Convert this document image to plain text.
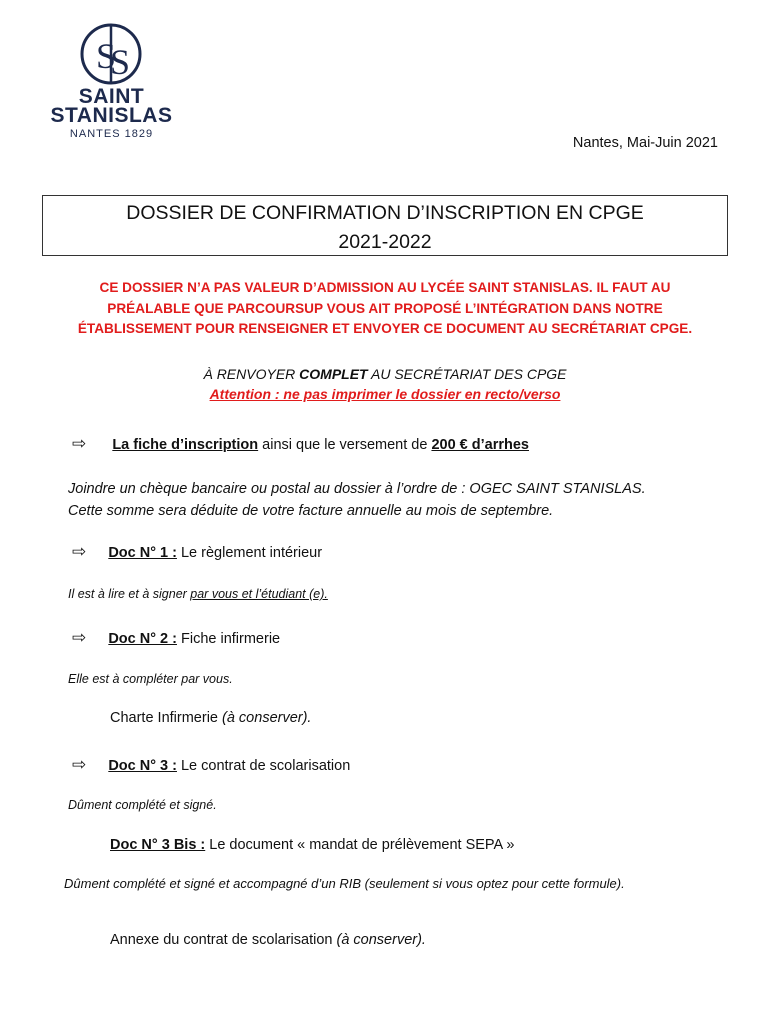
S
S
SAINT
STANISLAS
NANTES 1829
Nantes, Mai-Juin 2021
DOSSIER DE CONFIRMATION D’INSCRIPTION EN CPGE
2021-2022
CE DOSSIER N’A PAS VALEUR D’ADMISSION AU LYCÉE SAINT STANISLAS. IL FAUT AU
PRÉALABLE QUE PARCOURSUP VOUS AIT PROPOSÉ L’INTÉGRATION DANS NOTRE
ÉTABLISSEMENT POUR RENSEIGNER ET ENVOYER CE DOCUMENT AU SECRÉTARIAT CPGE.
À RENVOYER COMPLET AU SECRÉTARIAT DES CPGE
Attention : ne pas imprimer le dossier en recto/verso
⇨ La fiche d’inscription ainsi que le versement de 200 € d’arrhes
Joindre un chèque bancaire ou postal au dossier à l’ordre de : OGEC SAINT STANISLAS.
Cette somme sera déduite de votre facture annuelle au mois de septembre.
⇨ Doc N° 1 : Le règlement intérieur
Il est à lire et à signer par vous et l’étudiant (e).
⇨ Doc N° 2 : Fiche infirmerie
Elle est à compléter par vous.
Charte Infirmerie (à conserver).
⇨ Doc N° 3 : Le contrat de scolarisation
Dûment complété et signé.
Doc N° 3 Bis : Le document « mandat de prélèvement SEPA »
Dûment complété et signé et accompagné d’un RIB (seulement si vous optez pour cette formule).
Annexe du contrat de scolarisation (à conserver).
